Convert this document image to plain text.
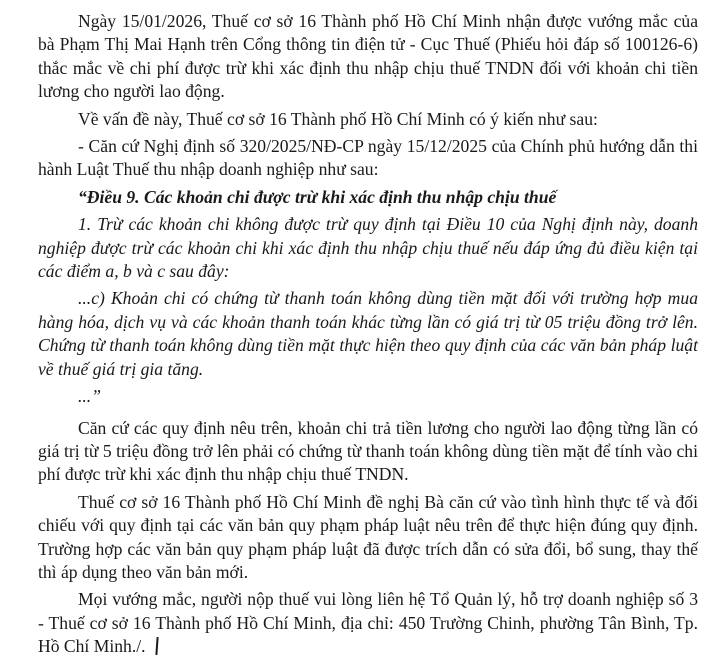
Ngày 15/01/2026, Thuế cơ sở 16 Thành phố Hồ Chí Minh nhận được vướng mắc của bà Phạm Thị Mai Hạnh trên Cổng thông tin điện tử - Cục Thuế (Phiếu hỏi đáp số 100126-6) thắc mắc về chi phí được trừ khi xác định thu nhập chịu thuế TNDN đối với khoản chi tiền lương cho người lao động.

Về vấn đề này, Thuế cơ sở 16 Thành phố Hồ Chí Minh có ý kiến như sau:

- Căn cứ Nghị định số 320/2025/NĐ-CP ngày 15/12/2025 của Chính phủ hướng dẫn thi hành Luật Thuế thu nhập doanh nghiệp như sau:

“Điều 9. Các khoản chi được trừ khi xác định thu nhập chịu thuế

1. Trừ các khoản chi không được trừ quy định tại Điều 10 của Nghị định này, doanh nghiệp được trừ các khoản chi khi xác định thu nhập chịu thuế nếu đáp ứng đủ điều kiện tại các điểm a, b và c sau đây:

...c) Khoản chi có chứng từ thanh toán không dùng tiền mặt đối với trường hợp mua hàng hóa, dịch vụ và các khoản thanh toán khác từng lần có giá trị từ 05 triệu đồng trở lên. Chứng từ thanh toán không dùng tiền mặt thực hiện theo quy định của các văn bản pháp luật về thuế giá trị gia tăng.

...”

Căn cứ các quy định nêu trên, khoản chi trả tiền lương cho người lao động từng lần có giá trị từ 5 triệu đồng trở lên phải có chứng từ thanh toán không dùng tiền mặt để tính vào chi phí được trừ khi xác định thu nhập chịu thuế TNDN.

Thuế cơ sở 16 Thành phố Hồ Chí Minh đề nghị Bà căn cứ vào tình hình thực tế và đối chiếu với quy định tại các văn bản quy phạm pháp luật nêu trên để thực hiện đúng quy định. Trường hợp các văn bản quy phạm pháp luật đã được trích dẫn có sửa đổi, bổ sung, thay thế thì áp dụng theo văn bản mới.

Mọi vướng mắc, người nộp thuế vui lòng liên hệ Tổ Quản lý, hỗ trợ doanh nghiệp số 3 - Thuế cơ sở 16 Thành phố Hồ Chí Minh, địa chỉ: 450 Trường Chinh, phường Tân Bình, Tp. Hồ Chí Minh./.
